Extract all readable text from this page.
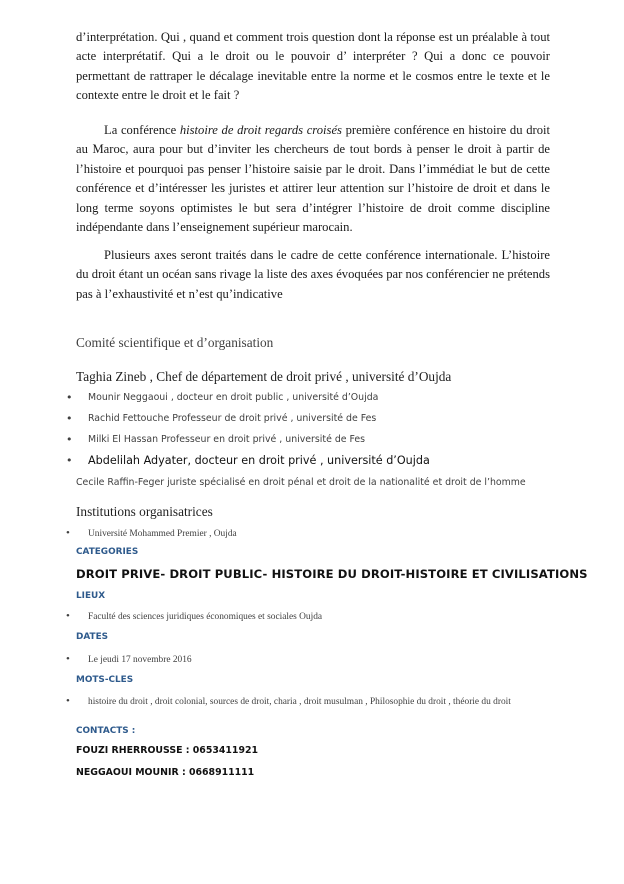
d’interprétation. Qui , quand et comment trois question dont la réponse est un préalable à tout acte interprétatif. Qui a le droit ou le pouvoir d’ interpréter ? Qui a donc ce pouvoir permettant de rattraper le décalage inevitable entre la norme et le cosmos entre le texte et le contexte entre le droit et le fait ?

La conférence histoire de droit regards croisés première conférence en histoire du droit au Maroc, aura pour but d’inviter les chercheurs de tout bords à penser le droit à partir de l’histoire et pourquoi pas penser l’histoire saisie par le droit. Dans l’immédiat le but de cette conférence et d’intéresser les juristes et attirer leur attention sur l’histoire de droit et dans le long terme soyons optimistes le but sera d’intégrer l’histoire de droit comme discipline indépendante dans l’enseignement supérieur marocain.

Plusieurs axes seront traités dans le cadre de cette conférence internationale. L’histoire du droit étant un océan sans rivage la liste des axes évoquées par nos conférencier ne prétends pas à l’exhaustivité et n’est qu’indicative

Comité scientifique et d’organisation
Taghia Zineb , Chef de département de droit privé , université d’Oujda
• Mounir Neggaoui , docteur en droit public , université d’Oujda
• Rachid Fettouche Professeur de droit privé , université de Fes
• Milki El Hassan Professeur en droit privé , université de Fes
• Abdelilah Adyater, docteur en droit privé , université d’Oujda
Cecile Raffin-Feger juriste spécialisé en droit pénal et droit de la nationalité et droit de l’homme
Institutions organisatrices
• Université Mohammed Premier , Oujda
CATEGORIES
DROIT PRIVE- DROIT PUBLIC- HISTOIRE DU DROIT-HISTOIRE ET CIVILISATIONS
LIEUX
• Faculté des sciences juridiques économiques et sociales Oujda
DATES
• Le jeudi 17 novembre 2016
MOTS-CLES
• histoire du droit , droit colonial, sources de droit, charia , droit musulman , Philosophie du droit , théorie du droit
CONTACTS :
FOUZI RHERROUSSE : 0653411921
NEGGAOUI MOUNIR : 0668911111
